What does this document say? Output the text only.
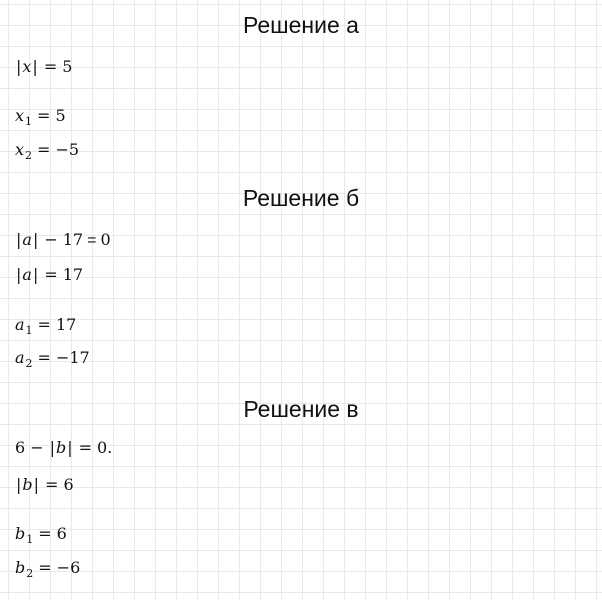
Решение а
|x| = 5
$x_1 = 5$
$x_2 = -5$
Решение б
|a| − 17 = 0
|a| = 17
$a_1 = 17$
$a_2 = -17$
Решение в
6 − |b| = 0.
|b| = 6
$b_1 = 6$
$b_2 = -6$
